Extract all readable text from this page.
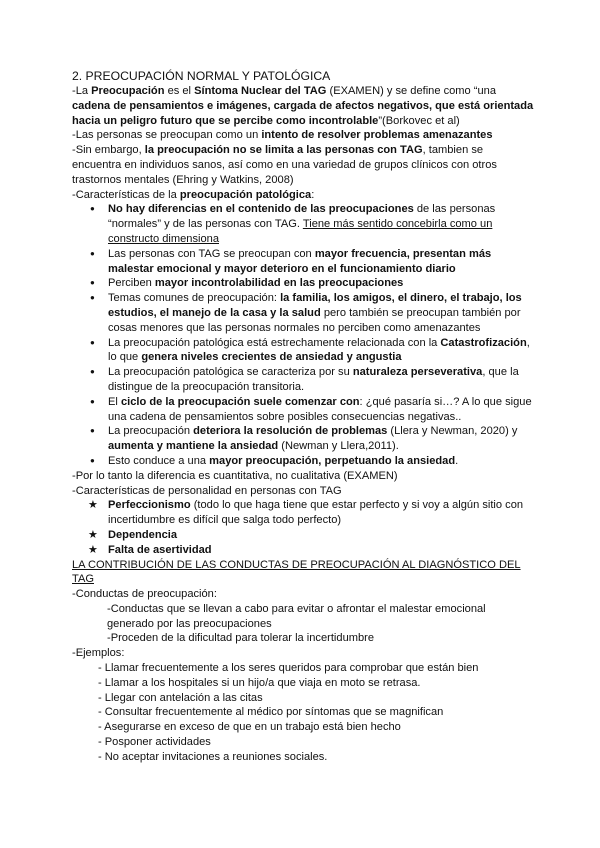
2. PREOCUPACIÓN NORMAL Y PATOLÓGICA

-La Preocupación es el Síntoma Nuclear del TAG (EXAMEN) y se define como “una cadena de pensamientos e imágenes, cargada de afectos negativos, que está orientada hacia un peligro futuro que se percibe como incontrolable”(Borkovec et al)

-Las personas se preocupan como un intento de resolver problemas amenazantes

-Sin embargo, la preocupación no se limita a las personas con TAG, tambien se encuentra en individuos sanos, así como en una variedad de grupos clínicos con otros trastornos mentales (Ehring y Watkins, 2008)

-Características de la preocupación patológica:

● No hay diferencias en el contenido de las preocupaciones de las personas “normales” y de las personas con TAG. Tiene más sentido concebirla como un constructo dimensiona
● Las personas con TAG se preocupan con mayor frecuencia, presentan más malestar emocional y mayor deterioro en el funcionamiento diario
● Perciben mayor incontrolabilidad en las preocupaciones
● Temas comunes de preocupación: la familia, los amigos, el dinero, el trabajo, los estudios, el manejo de la casa y la salud pero también se preocupan también por cosas menores que las personas normales no perciben como amenazantes
● La preocupación patológica está estrechamente relacionada con la Catastrofización, lo que genera niveles crecientes de ansiedad y angustia
● La preocupación patológica se caracteriza por su naturaleza perseverativa, que la distingue de la preocupación transitoria.
● El ciclo de la preocupación suele comenzar con: ¿qué pasaría si…? A lo que sigue una cadena de pensamientos sobre posibles consecuencias negativas..
● La preocupación deteriora la resolución de problemas (Llera y Newman, 2020) y aumenta y mantiene la ansiedad (Newman y Llera,2011).
● Esto conduce a una mayor preocupación, perpetuando la ansiedad.

-Por lo tanto la diferencia es cuantitativa, no cualitativa (EXAMEN)

-Características de personalidad en personas con TAG

★ Perfeccionismo (todo lo que haga tiene que estar perfecto y si voy a algún sitio con incertidumbre es difícil que salga todo perfecto)
★ Dependencia
★ Falta de asertividad

LA CONTRIBUCIÓN DE LAS CONDUCTAS DE PREOCUPACIÓN AL DIAGNÓSTICO DEL TAG

-Conductas de preocupación:

-Conductas que se llevan a cabo para evitar o afrontar el malestar emocional generado por las preocupaciones

-Proceden de la dificultad para tolerar la incertidumbre

-Ejemplos:

- Llamar frecuentemente a los seres queridos para comprobar que están bien

- Llamar a los hospitales si un hijo/a que viaja en moto se retrasa.

- Llegar con antelación a las citas

- Consultar frecuentemente al médico por síntomas que se magnifican

- Asegurarse en exceso de que en un trabajo está bien hecho

- Posponer actividades

- No aceptar invitaciones a reuniones sociales.
